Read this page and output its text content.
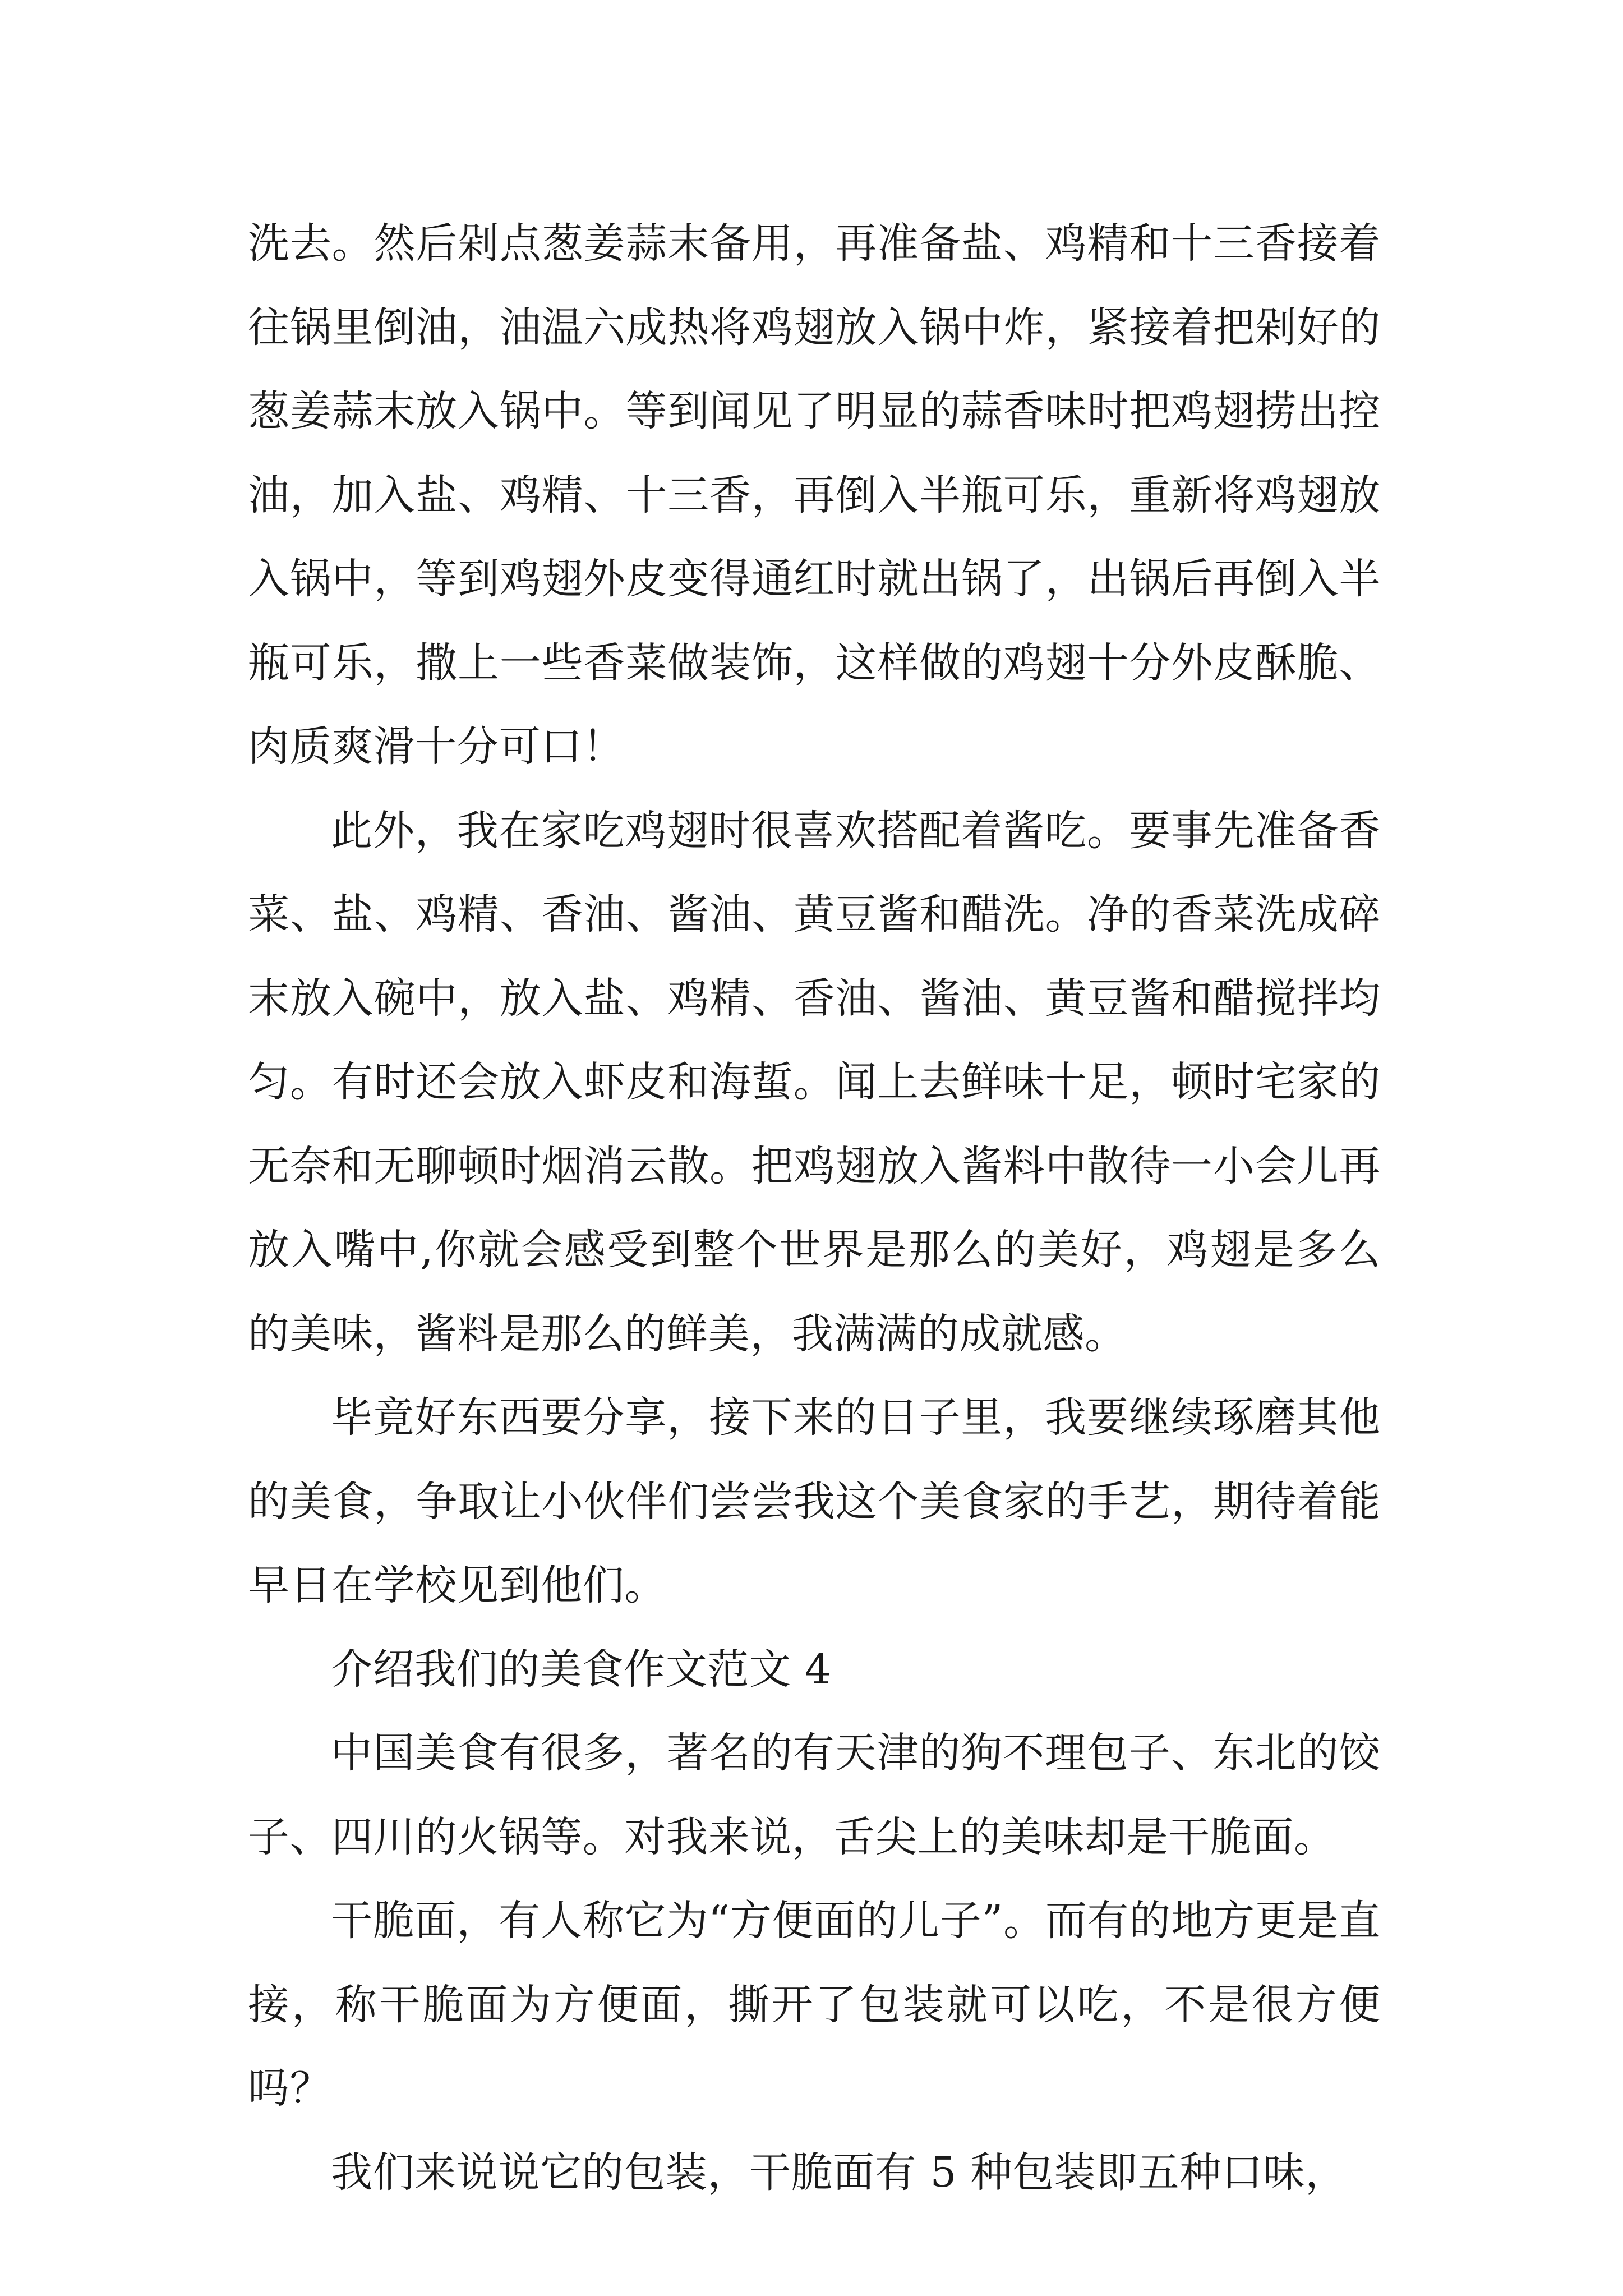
洗去。然后剁点葱姜蒜末备用，再准备盐、鸡精和十三香接着往锅里倒油，油温六成热将鸡翅放入锅中炸，紧接着把剁好的葱姜蒜末放入锅中。等到闻见了明显的蒜香味时把鸡翅捞出控油，加入盐、鸡精、十三香，再倒入半瓶可乐，重新将鸡翅放入锅中，等到鸡翅外皮变得通红时就出锅了，出锅后再倒入半瓶可乐，撒上一些香菜做装饰，这样做的鸡翅十分外皮酥脆、肉质爽滑十分可口！

此外，我在家吃鸡翅时很喜欢搭配着酱吃。要事先准备香菜、盐、鸡精、香油、酱油、黄豆酱和醋洗。净的香菜洗成碎末放入碗中，放入盐、鸡精、香油、酱油、黄豆酱和醋搅拌均匀。有时还会放入虾皮和海蜇。闻上去鲜味十足，顿时宅家的无奈和无聊顿时烟消云散。把鸡翅放入酱料中散待一小会儿再放入嘴中,你就会感受到整个世界是那么的美好，鸡翅是多么的美味，酱料是那么的鲜美，我满满的成就感。

毕竟好东西要分享，接下来的日子里，我要继续琢磨其他的美食，争取让小伙伴们尝尝我这个美食家的手艺，期待着能早日在学校见到他们。

介绍我们的美食作文范文 4

中国美食有很多，著名的有天津的狗不理包子、东北的饺子、四川的火锅等。对我来说，舌尖上的美味却是干脆面。

干脆面，有人称它为“方便面的儿子”。而有的地方更是直接，称干脆面为方便面，撕开了包装就可以吃，不是很方便吗？

我们来说说它的包装，干脆面有 5 种包装即五种口味，
